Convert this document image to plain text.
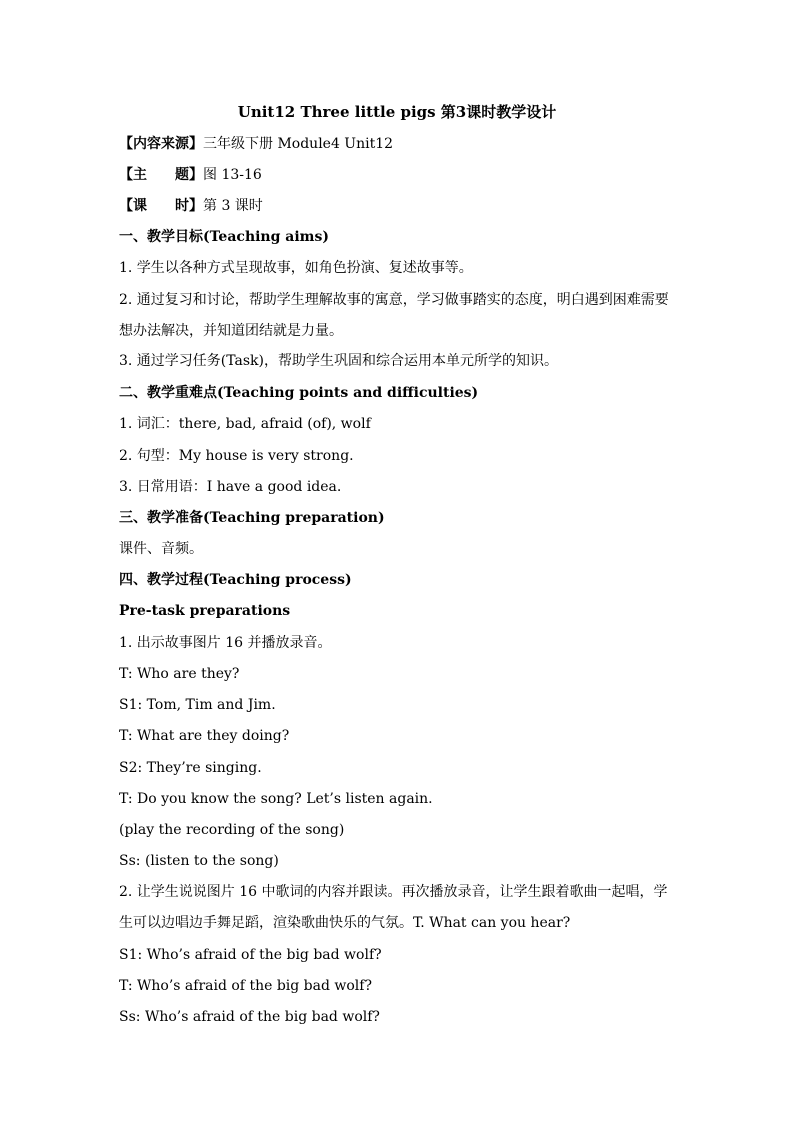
Unit12 Three little pigs 第3课时教学设计
【内容来源】三年级下册 Module4 Unit12
【主 题】图 13-16
【课 时】第 3 课时
一、教学目标(Teaching aims)
1. 学生以各种方式呈现故事，如角色扮演、复述故事等。
2. 通过复习和讨论，帮助学生理解故事的寓意，学习做事踏实的态度，明白遇到困难需要想办法解决，并知道团结就是力量。
3. 通过学习任务(Task)，帮助学生巩固和综合运用本单元所学的知识。
二、教学重难点(Teaching points and difficulties)
1. 词汇：there, bad, afraid (of), wolf
2. 句型：My house is very strong.
3. 日常用语：I have a good idea.
三、教学准备(Teaching preparation)
课件、音频。
四、教学过程(Teaching process)
Pre-task preparations
1. 出示故事图片 16 并播放录音。
T: Who are they?
S1: Tom, Tim and Jim.
T: What are they doing?
S2: They’re singing.
T: Do you know the song? Let’s listen again.
(play the recording of the song)
Ss: (listen to the song)
2. 让学生说说图片 16 中歌词的内容并跟读。再次播放录音，让学生跟着歌曲一起唱，学生可以边唱边手舞足蹈，渲染歌曲快乐的气氛。T. What can you hear?
S1: Who’s afraid of the big bad wolf?
T: Who’s afraid of the big bad wolf?
Ss: Who’s afraid of the big bad wolf?
